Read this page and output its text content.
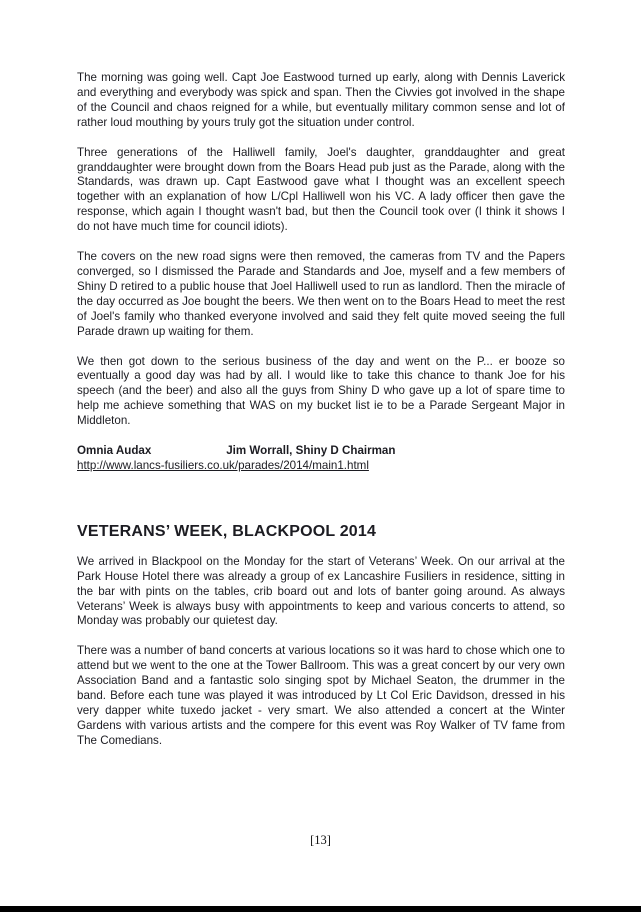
The morning was going well. Capt Joe Eastwood turned up early, along with Dennis Laverick and everything and everybody was spick and span. Then the Civvies got involved in the shape of the Council and chaos reigned for a while, but eventually military common sense and lot of rather loud mouthing by yours truly got the situation under control.

Three generations of the Halliwell family, Joel's daughter, granddaughter and great granddaughter were brought down from the Boars Head pub just as the Parade, along with the Standards, was drawn up. Capt Eastwood gave what I thought was an excellent speech together with an explanation of how L/Cpl Halliwell won his VC. A lady officer then gave the response, which again I thought wasn't bad, but then the Council took over (I think it shows I do not have much time for council idiots).

The covers on the new road signs were then removed, the cameras from TV and the Papers converged, so I dismissed the Parade and Standards and Joe, myself and a few members of Shiny D retired to a public house that Joel Halliwell used to run as landlord. Then the miracle of the day occurred as Joe bought the beers. We then went on to the Boars Head to meet the rest of Joel's family who thanked everyone involved and said they felt quite moved seeing the full Parade drawn up waiting for them.

We then got down to the serious business of the day and went on the P... er booze so eventually a good day was had by all. I would like to take this chance to thank Joe for his speech (and the beer) and also all the guys from Shiny D who gave up a lot of spare time to help me achieve something that WAS on my bucket list ie to be a Parade Sergeant Major in Middleton.

Omnia Audax	Jim Worrall, Shiny D Chairman

http://www.lancs-fusiliers.co.uk/parades/2014/main1.html

VETERANS’ WEEK, BLACKPOOL 2014

We arrived in Blackpool on the Monday for the start of Veterans’ Week. On our arrival at the Park House Hotel there was already a group of ex Lancashire Fusiliers in residence, sitting in the bar with pints on the tables, crib board out and lots of banter going around. As always Veterans’ Week is always busy with appointments to keep and various concerts to attend, so Monday was probably our quietest day.

There was a number of band concerts at various locations so it was hard to chose which one to attend but we went to the one at the Tower Ballroom. This was a great concert by our very own Association Band and a fantastic solo singing spot by Michael Seaton, the drummer in the band. Before each tune was played it was introduced by Lt Col Eric Davidson, dressed in his very dapper white tuxedo jacket - very smart. We also attended a concert at the Winter Gardens with various artists and the compere for this event was Roy Walker of TV fame from The Comedians.

[13]
